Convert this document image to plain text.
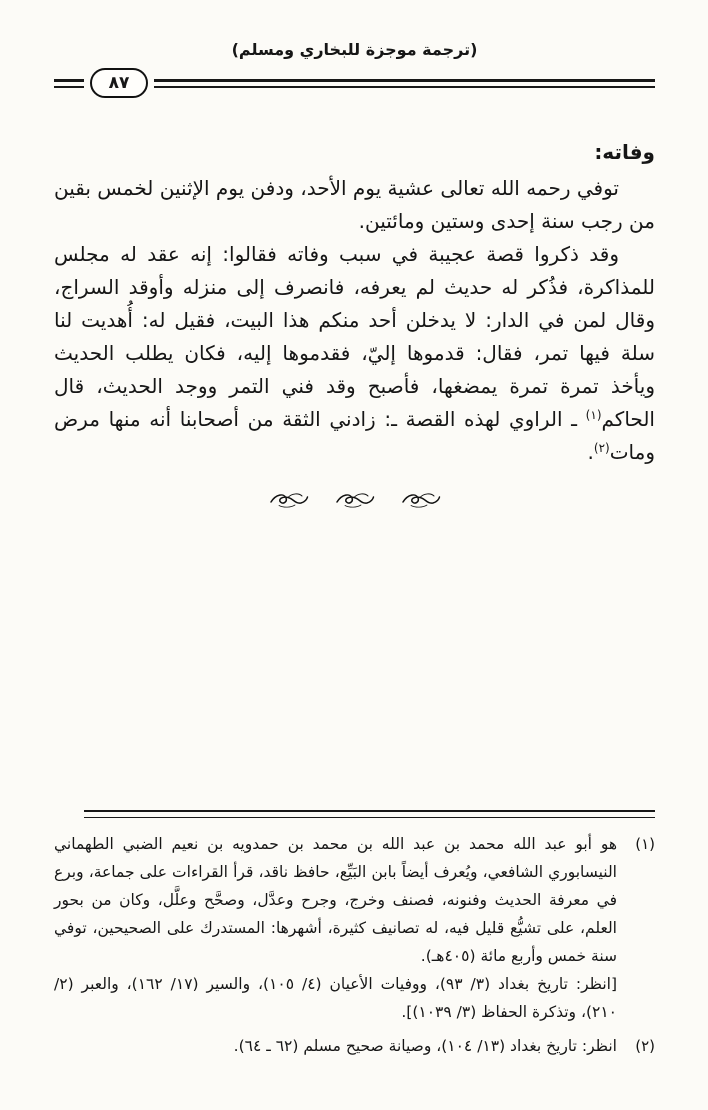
(ترجمة موجزة للبخاري ومسلم)
٨٧
وفاته:

توفي رحمه الله تعالى عشية يوم الأحد، ودفن يوم الإثنين لخمس بقين من رجب سنة إحدى وستين ومائتين.

وقد ذكروا قصة عجيبة في سبب وفاته فقالوا: إنه عقد له مجلس للمذاكرة، فذُكر له حديث لم يعرفه، فانصرف إلى منزله وأوقد السراج، وقال لمن في الدار: لا يدخلن أحد منكم هذا البيت، فقيل له: أُهديت لنا سلة فيها تمر، فقال: قدموها إليّ، فقدموها إليه، فكان يطلب الحديث ويأخذ تمرة تمرة يمضغها، فأصبح وقد فني التمر ووجد الحديث، قال الحاكم$^{(١)}$ ـ الراوي لهذه القصة ـ: زادني الثقة من أصحابنا أنه منها مرض ومات$^{(٢)}$.

(١)
هو أبو عبد الله محمد بن عبد الله بن محمد بن حمدويه بن نعيم الضبي الطهماني النيسابوري الشافعي، ويُعرف أيضاً بابن البَيِّع، حافظ ناقد، قرأ القراءات على جماعة، وبرع في معرفة الحديث وفنونه، فصنف وخرج، وجرح وعدَّل، وصحَّح وعلَّل، وكان من بحور العلم، على تشيُّع قليل فيه، له تصانيف كثيرة، أشهرها: المستدرك على الصحيحين، توفي سنة خمس وأربع مائة (٤٠٥هـ).
[انظر: تاريخ بغداد (٣/ ٩٣)، ووفيات الأعيان (٤/ ١٠٥)، والسير (١٧/ ١٦٢)، والعبر (٢/ ٢١٠)، وتذكرة الحفاظ (٣/ ١٠٣٩)].
(٢)
انظر: تاريخ بغداد (١٣/ ١٠٤)، وصيانة صحيح مسلم (٦٢ ـ ٦٤).
